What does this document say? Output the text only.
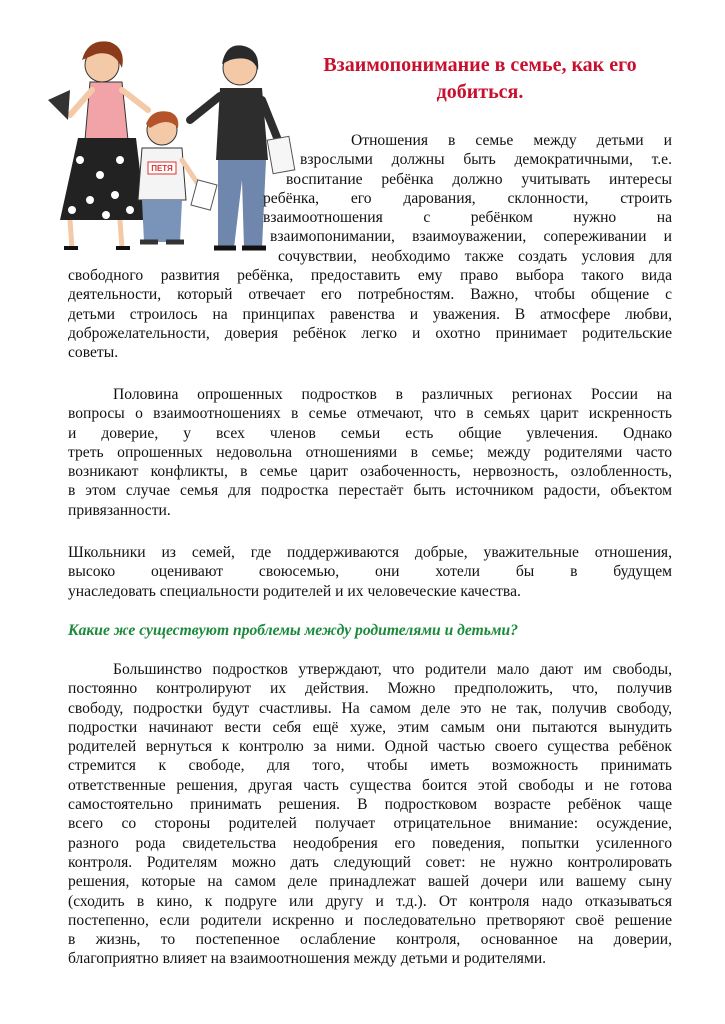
ПЕТЯ
Взаимопонимание в семье, как его
добиться.
Отношения в семье между детьми и
взрослыми должны быть демократичными, т.е.
воспитание ребёнка должно учитывать интересы
ребёнка, его дарования, склонности, строить
взаимоотношения с ребёнком нужно на
взаимопонимании, взаимоуважении, сопереживании и
сочувствии, необходимо также создать условия для
свободного развития ребёнка, предоставить ему право выбора такого вида
деятельности, который отвечает его потребностям. Важно, чтобы общение с
детьми строилось на принципах равенства и уважения. В атмосфере любви,
доброжелательности, доверия ребёнок легко и охотно принимает родительские
советы.
Половина опрошенных подростков в различных регионах России на
вопросы о взаимоотношениях в семье отмечают, что в семьях царит искренность
и доверие, у всех членов семьи есть общие увлечения. Однако
треть опрошенных недовольна отношениями в семье; между родителями часто
возникают конфликты, в семье царит озабоченность, нервозность, озлобленность,
в этом случае семья для подростка перестаёт быть источником радости, объектом
привязанности.
Школьники из семей, где поддерживаются добрые, уважительные отношения,
высоко оценивают своюсемью, они хотели бы в будущем
унаследовать специальности родителей и их человеческие качества.
Какие же существуют проблемы между родителями и детьми?
Большинство подростков утверждают, что родители мало дают им свободы,
постоянно контролируют их действия. Можно предположить, что, получив
свободу, подростки будут счастливы. На самом деле это не так, получив свободу,
подростки начинают вести себя ещё хуже, этим самым они пытаются вынудить
родителей вернуться к контролю за ними. Одной частью своего существа ребёнок
стремится к свободе, для того, чтобы иметь возможность принимать
ответственные решения, другая часть существа боится этой свободы и не готова
самостоятельно принимать решения. В подростковом возрасте ребёнок чаще
всего со стороны родителей получает отрицательное внимание: осуждение,
разного рода свидетельства неодобрения его поведения, попытки усиленного
контроля. Родителям можно дать следующий совет: не нужно контролировать
решения, которые на самом деле принадлежат вашей дочери или вашему сыну
(сходить в кино, к подруге или другу и т.д.). От контроля надо отказываться
постепенно, если родители искренно и последовательно претворяют своё решение
в жизнь, то постепенное ослабление контроля, основанное на доверии,
благоприятно влияет на взаимоотношения между детьми и родителями.
